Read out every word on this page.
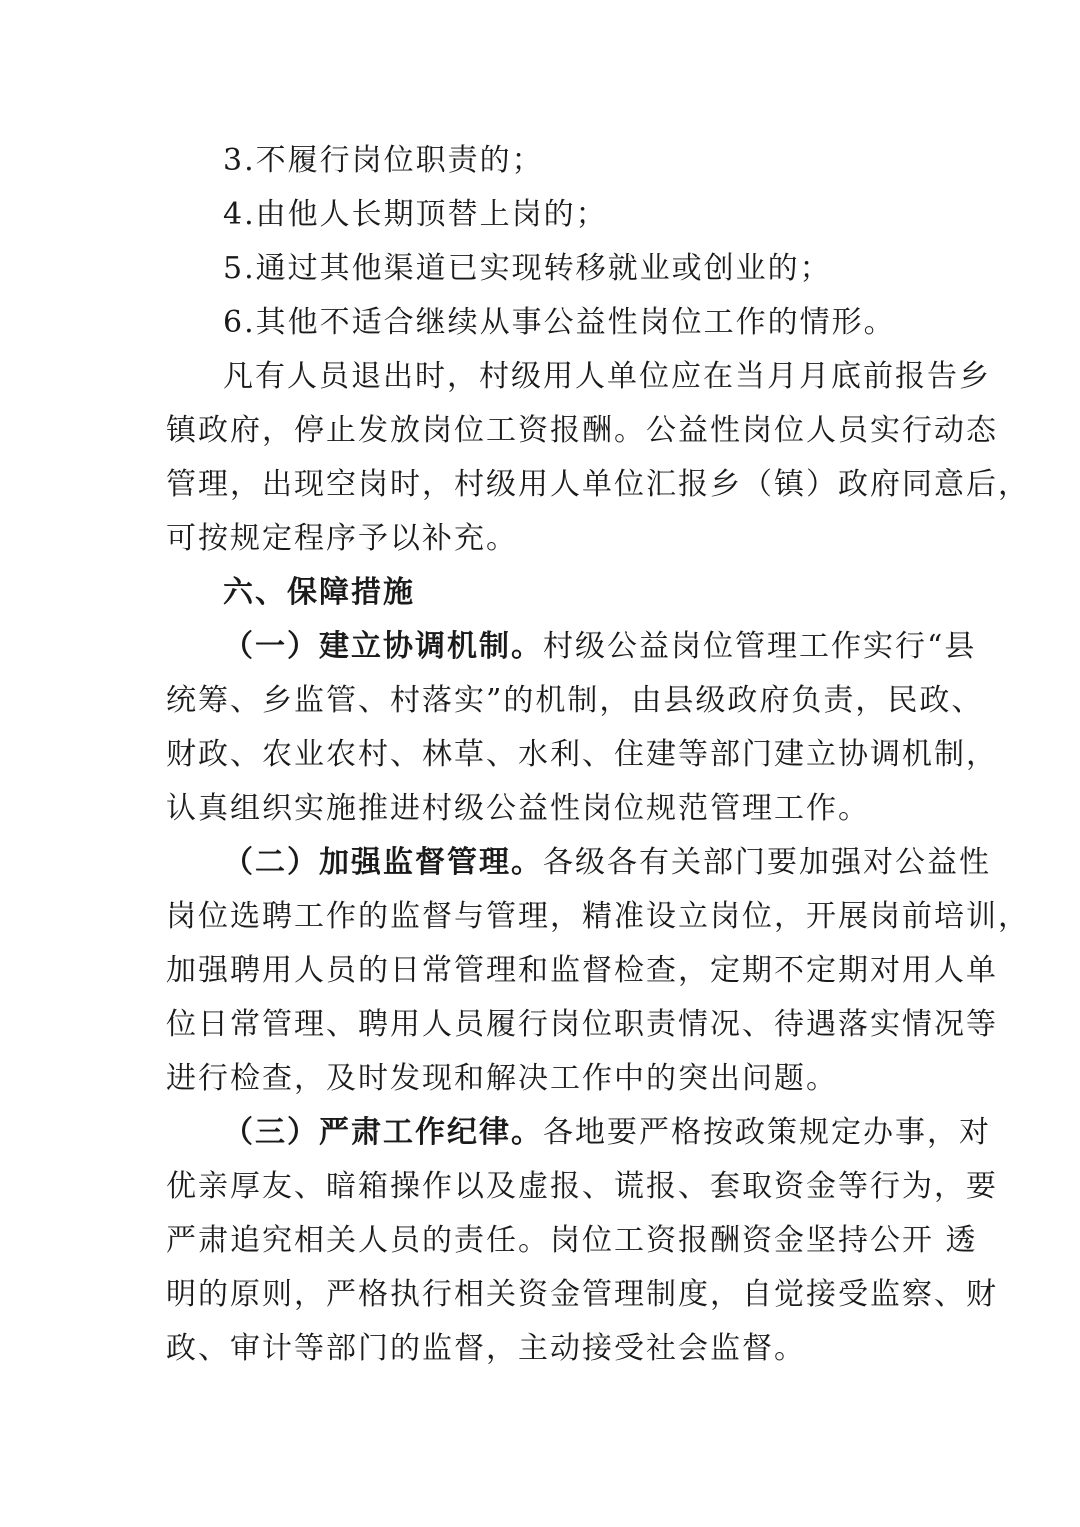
3.不履行岗位职责的；
4.由他人长期顶替上岗的；
5.通过其他渠道已实现转移就业或创业的；
6.其他不适合继续从事公益性岗位工作的情形。
凡有人员退出时，村级用人单位应在当月月底前报告乡
镇政府，停止发放岗位工资报酬。公益性岗位人员实行动态
管理，出现空岗时，村级用人单位汇报乡（镇）政府同意后，
可按规定程序予以补充。
六、保障措施
（一）建立协调机制。村级公益岗位管理工作实行“县
统筹、乡监管、村落实”的机制，由县级政府负责，民政、
财政、农业农村、林草、水利、住建等部门建立协调机制，
认真组织实施推进村级公益性岗位规范管理工作。
（二）加强监督管理。各级各有关部门要加强对公益性
岗位选聘工作的监督与管理，精准设立岗位，开展岗前培训，
加强聘用人员的日常管理和监督检查，定期不定期对用人单
位日常管理、聘用人员履行岗位职责情况、待遇落实情况等
进行检查，及时发现和解决工作中的突出问题。
（三）严肃工作纪律。各地要严格按政策规定办事，对
优亲厚友、暗箱操作以及虚报、谎报、套取资金等行为，要
严肃追究相关人员的责任。岗位工资报酬资金坚持公开 透
明的原则，严格执行相关资金管理制度，自觉接受监察、财
政、审计等部门的监督，主动接受社会监督。
